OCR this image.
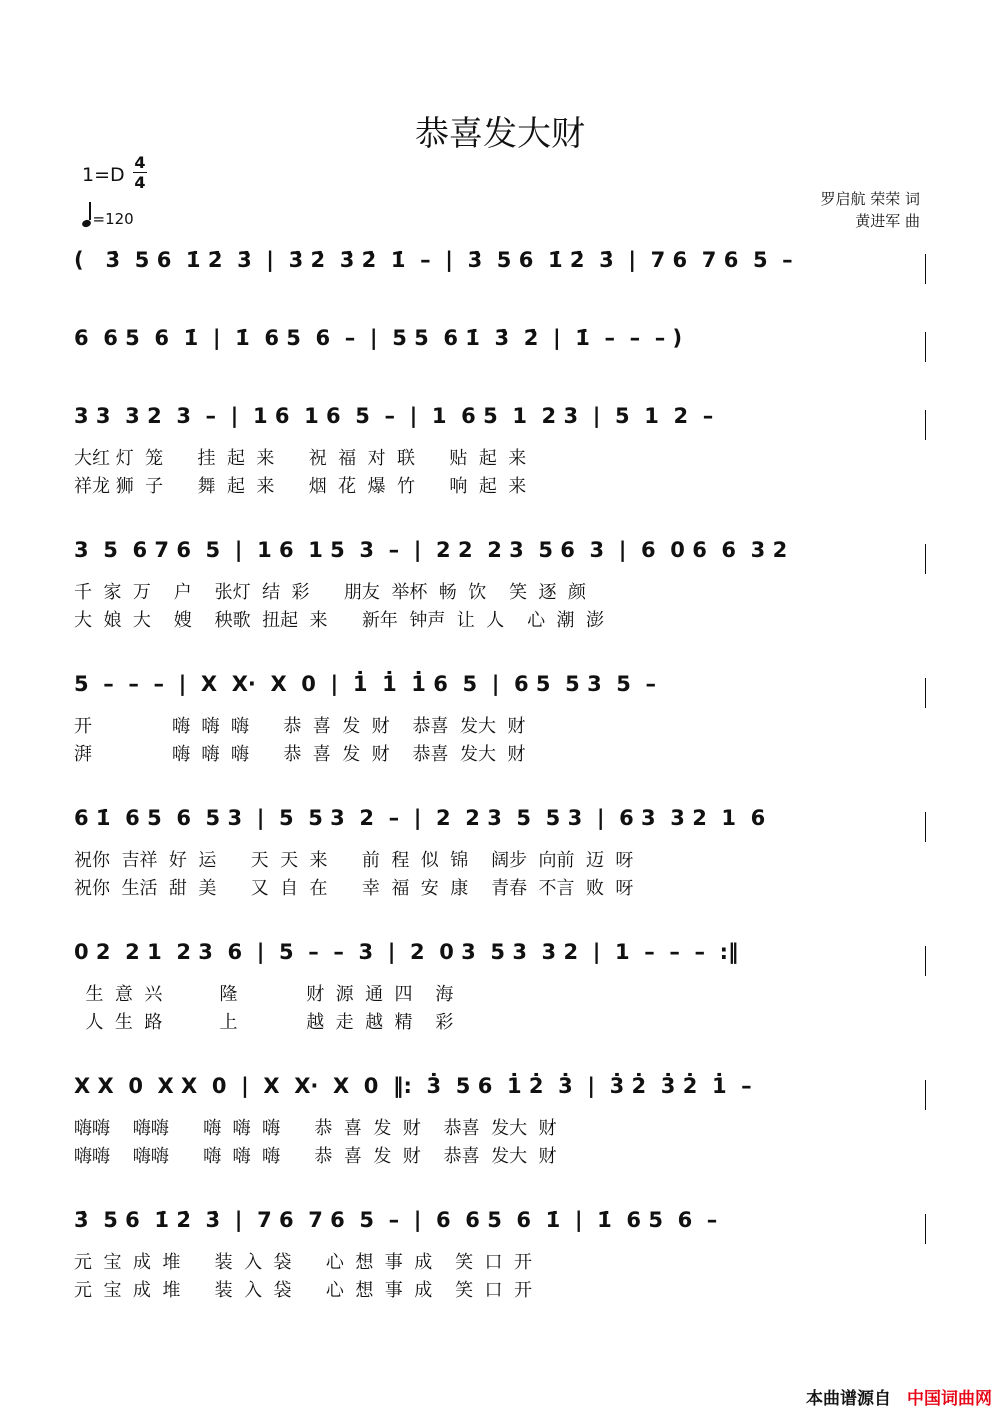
恭喜发大财
1=D
4
4
=120
罗启航 荣荣 词
黄进军 曲
(   3̇  5 6  1̇ 2̇  3̇  |  3̇ 2̇  3̇ 2̇  1̇  –  |  3̇  5 6  1̇ 2̇  3̇  |  7 6  7 6  5  –
6  6 5  6  1̇  |  1̇  6 5  6  –  |  5 5  6 1̇  3̇  2̇  |  1̇  –  –  – )
3 3  3 2  3  –  |  1 6  1 6  5  –  |  1  6 5  1  2 3  |  5  1  2  –
大红 灯  笼      挂  起  来      祝  福  对  联      贴  起  来
祥龙 狮  子      舞  起  来      烟  花  爆  竹      响  起  来
3  5  6 7 6  5  |  1 6  1 5  3  –  |  2 2  2 3  5 6  3  |  6  0 6  6  3 2
千  家  万    户    张灯  结  彩      朋友  举杯  畅  饮    笑  逐  颜
大  娘  大    嫂    秧歌  扭起  来      新年  钟声  让  人    心  潮  澎
5  –  –  –  |  X  X·  X  0  |  1̇  1̇  1̇ 6  5  |  6 5  5 3  5  –
开              嗨  嗨  嗨      恭  喜  发  财    恭喜  发大  财
湃              嗨  嗨  嗨      恭  喜  发  财    恭喜  发大  财
6 1̇  6 5  6  5 3  |  5  5 3  2  –  |  2  2 3  5  5 3  |  6 3  3 2  1  6
祝你  吉祥  好  运      天  天  来      前  程  似  锦    阔步  向前  迈  呀
祝你  生活  甜  美      又  自  在      幸  福  安  康    青春  不言  败  呀
0 2  2 1  2 3  6  |  5  –  –  3  |  2  0 3  5 3  3 2  |  1  –  –  –  :‖
生  意  兴          隆            财  源  通  四    海
人  生  路          上            越  走  越  精    彩
X X  0  X X  0  |  X  X·  X  0  ‖:  3̇  5 6  1̇ 2̇  3̇  |  3̇ 2̇  3̇ 2̇  1̇  –
嗨嗨    嗨嗨      嗨  嗨  嗨      恭  喜  发  财    恭喜  发大  财
嗨嗨    嗨嗨      嗨  嗨  嗨      恭  喜  发  财    恭喜  发大  财
3̇  5 6  1̇ 2̇  3̇  |  7 6  7 6  5  –  |  6  6 5  6  1̇  |  1̇  6 5  6  –
元  宝  成  堆      装  入  袋      心  想  事  成    笑  口  开
元  宝  成  堆      装  入  袋      心  想  事  成    笑  口  开
本曲谱源自 中国词曲网
